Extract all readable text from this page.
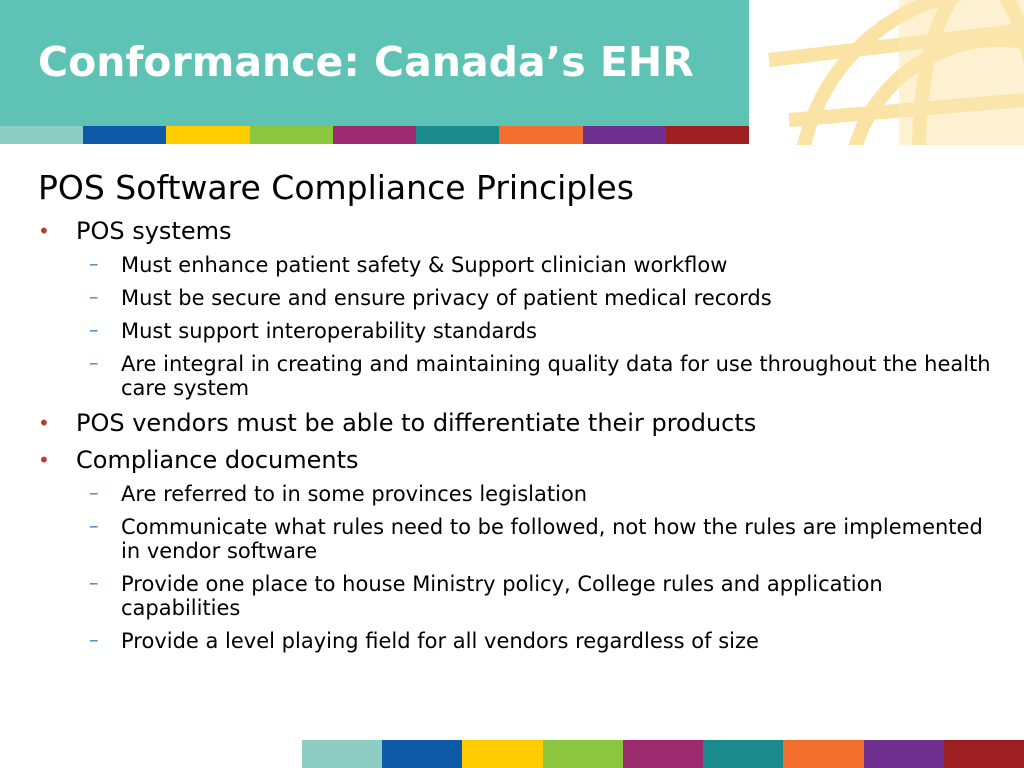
Conformance: Canada’s EHR
POS Software Compliance Principles
• POS systems
– Must enhance patient safety & Support clinician workflow
– Must be secure and ensure privacy of patient medical records
– Must support interoperability standards
– Are integral in creating and maintaining quality data for use throughout the health care system
• POS vendors must be able to differentiate their products
• Compliance documents
– Are referred to in some provinces legislation
– Communicate what rules need to be followed, not how the rules are implemented in vendor software
– Provide one place to house Ministry policy, College rules and application capabilities
– Provide a level playing field for all vendors regardless of size
